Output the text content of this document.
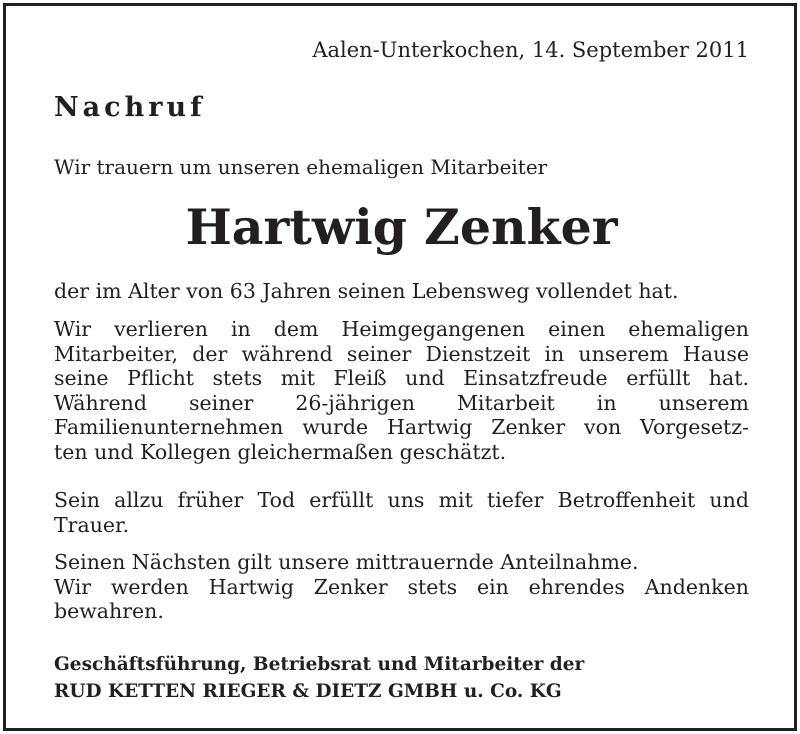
Aalen-Unterkochen, 14. September 2011
Nachruf
Wir trauern um unseren ehemaligen Mitarbeiter
Hartwig Zenker
der im Alter von 63 Jahren seinen Lebensweg vollendet hat.
Wir verlieren in dem Heimgegangenen einen ehemaligen
Mitarbeiter, der während seiner Dienstzeit in unserem Hause
seine Pflicht stets mit Fleiß und Einsatzfreude erfüllt hat.
Während seiner 26-jährigen Mitarbeit in unserem
Familienunternehmen wurde Hartwig Zenker von Vorgesetz-
ten und Kollegen gleichermaßen geschätzt.
Sein allzu früher Tod erfüllt uns mit tiefer Betroffenheit und
Trauer.
Seinen Nächsten gilt unsere mittrauernde Anteilnahme.
Wir werden Hartwig Zenker stets ein ehrendes Andenken
bewahren.
Geschäftsführung, Betriebsrat und Mitarbeiter der
RUD KETTEN RIEGER & DIETZ GMBH u. Co. KG
